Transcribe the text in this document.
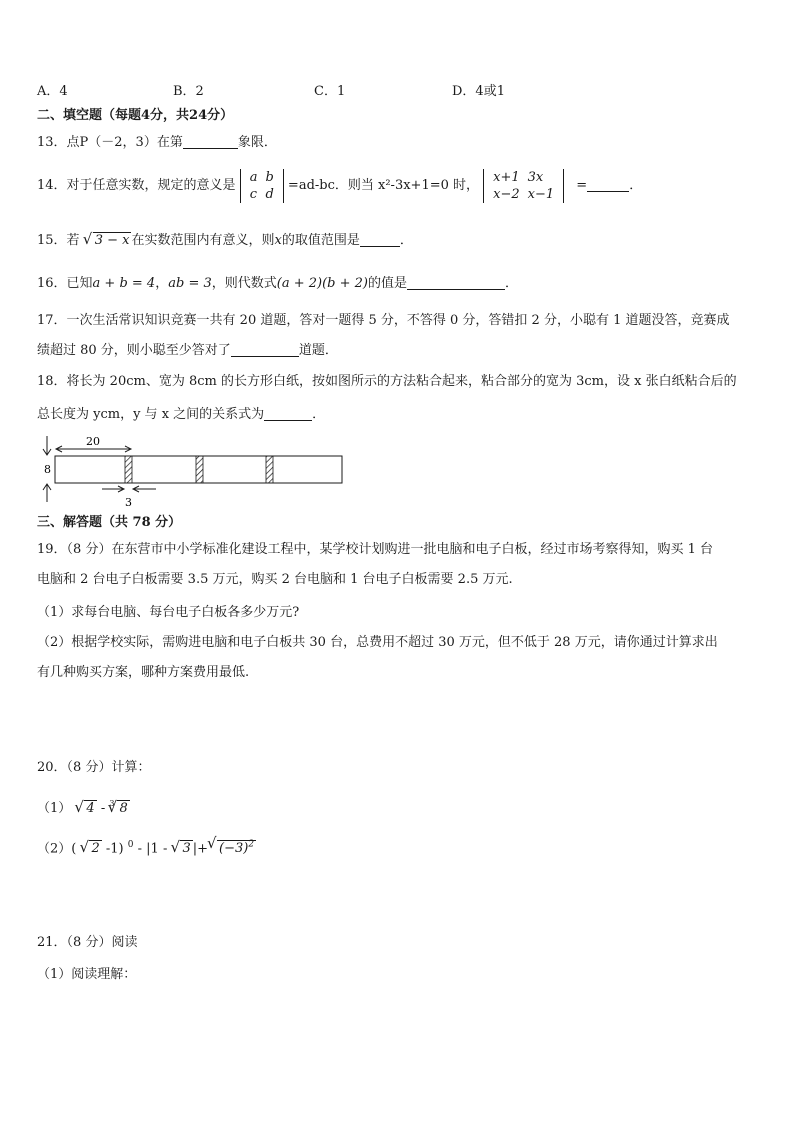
A．4	B．2	C．1	D．4或1
二、填空题（每题4分，共24分）
13．点P（－2，3）在第	象限．
14．对于任意实数，规定的意义是
a	b
c	d
=ad-bc．则当 x²-3x+1=0 时，
x+1	3x
x−2	x−1
=	．
15．若 √ 3 − x 在实数范围内有意义，则x的取值范围是	．
16．已知a + b = 4，ab = 3，则代数式(a + 2)(b + 2)的值是	．
17．一次生活常识知识竞赛一共有 20 道题，答对一题得 5 分，不答得 0 分，答错扣 2 分，小聪有 1 道题没答，竞赛成
绩超过 80 分，则小聪至少答对了	道题．
18．将长为 20cm、宽为 8cm 的长方形白纸，按如图所示的方法粘合起来，粘合部分的宽为 3cm，设 x 张白纸粘合后的
总长度为 ycm，y 与 x 之间的关系式为	．
8
20
3
三、解答题（共 78 分）
19．（8 分）在东营市中小学标准化建设工程中，某学校计划购进一批电脑和电子白板，经过市场考察得知，购买 1 台
电脑和 2 台电子白板需要 3.5 万元，购买 2 台电脑和 1 台电子白板需要 2.5 万元.
（1）求每台电脑、每台电子白板各多少万元?
（2）根据学校实际，需购进电脑和电子白板共 30 台，总费用不超过 30 万元，但不低于 28 万元，请你通过计算求出
有几种购买方案，哪种方案费用最低.
20．（8 分）计算：
（1） √ 4 - $^3$ √ 8
（2）( √ 2 -1) $^0$ - |1 - √ 3 |+ √ $(-3)^2$
21．（8 分）阅读
（1）阅读理解：
